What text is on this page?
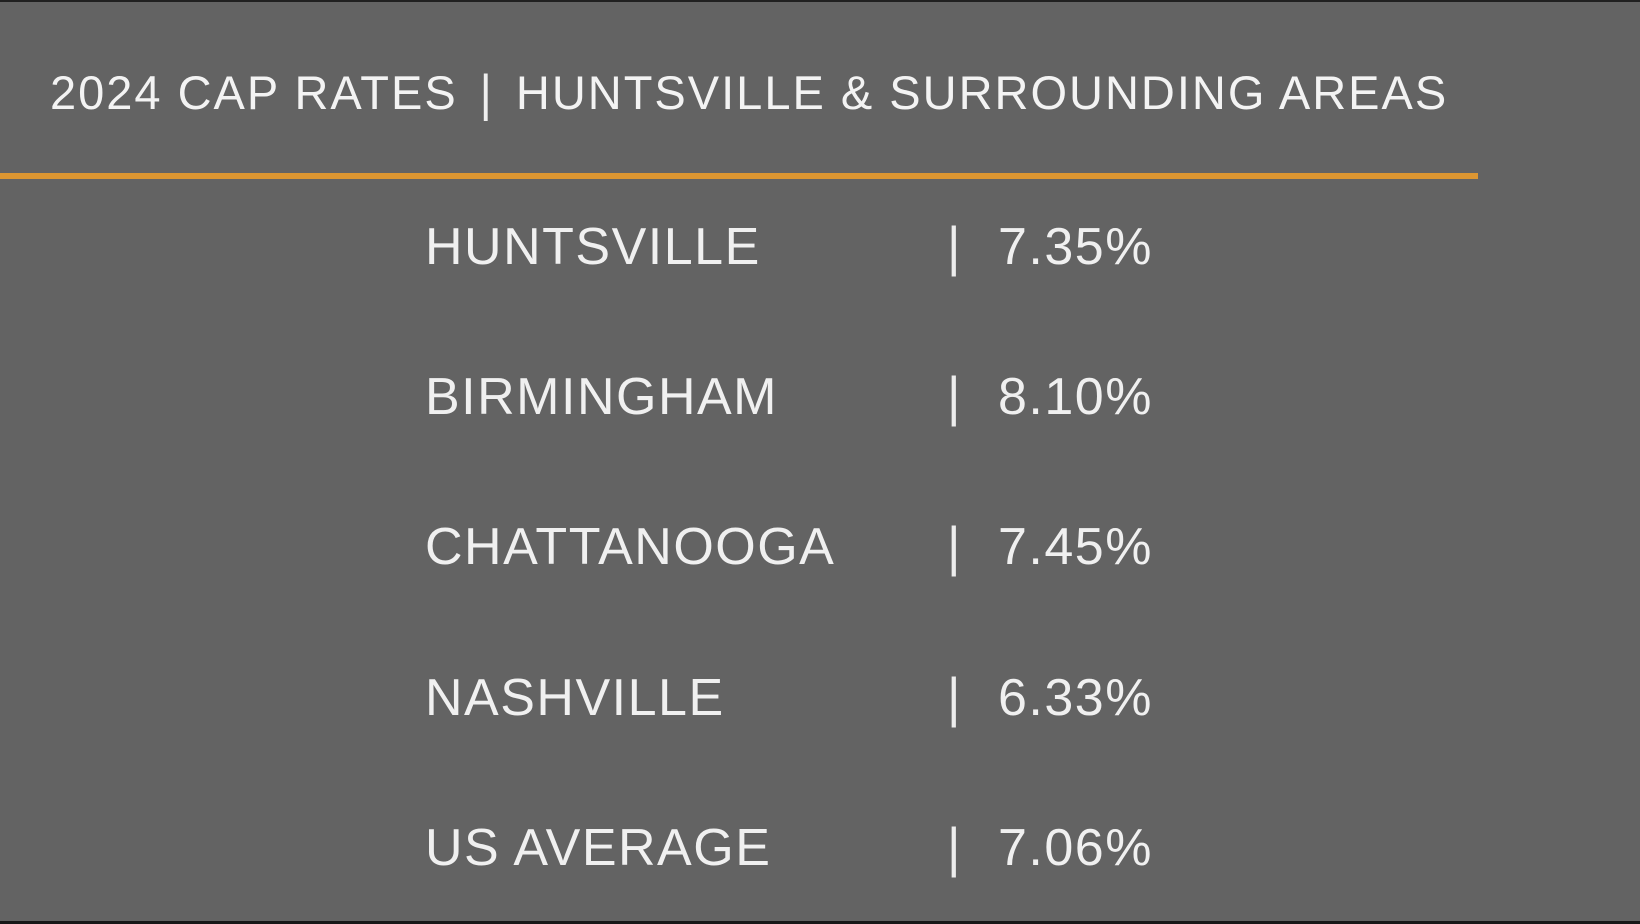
2024 CAP RATES | HUNTSVILLE & SURROUNDING AREAS
HUNTSVILLE	| 7.35%
BIRMINGHAM	| 8.10%
CHATTANOOGA	| 7.45%
NASHVILLE	| 6.33%
US AVERAGE	| 7.06%
